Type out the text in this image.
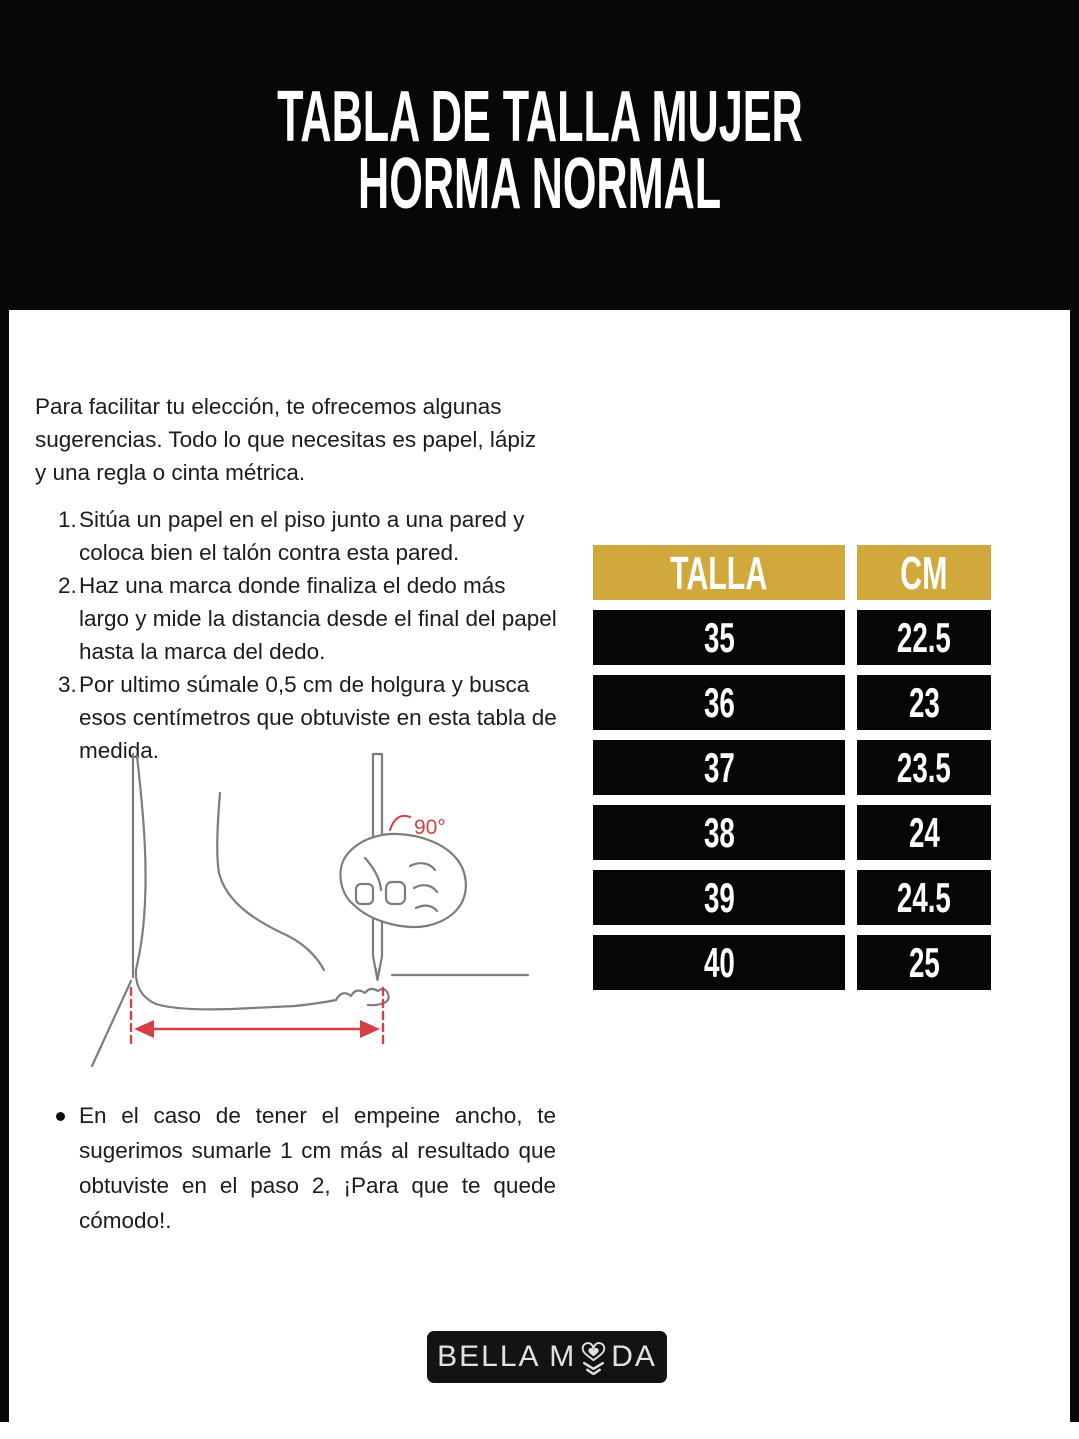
TABLA DE TALLA MUJER
HORMA NORMAL

Para facilitar tu elección, te ofrecemos algunas sugerencias. Todo lo que necesitas es papel, lápiz y una regla o cinta métrica.

Sitúa un papel en el piso junto a una pared y coloca bien el talón contra esta pared.
Haz una marca donde finaliza el dedo más largo y mide la distancia desde el final del papel hasta la marca del dedo.
Por ultimo súmale 0,5 cm de holgura y busca esos centímetros que obtuviste en esta tabla de medida.
TALLA	CM
35	22.5
36	23
37	23.5
38	24
39	24.5
40	25
90°

En el caso de tener el empeine ancho, te sugerimos sumarle 1 cm más al resultado que obtuviste en el paso 2, ¡Para que te quede cómodo!.

BELLA M DA
